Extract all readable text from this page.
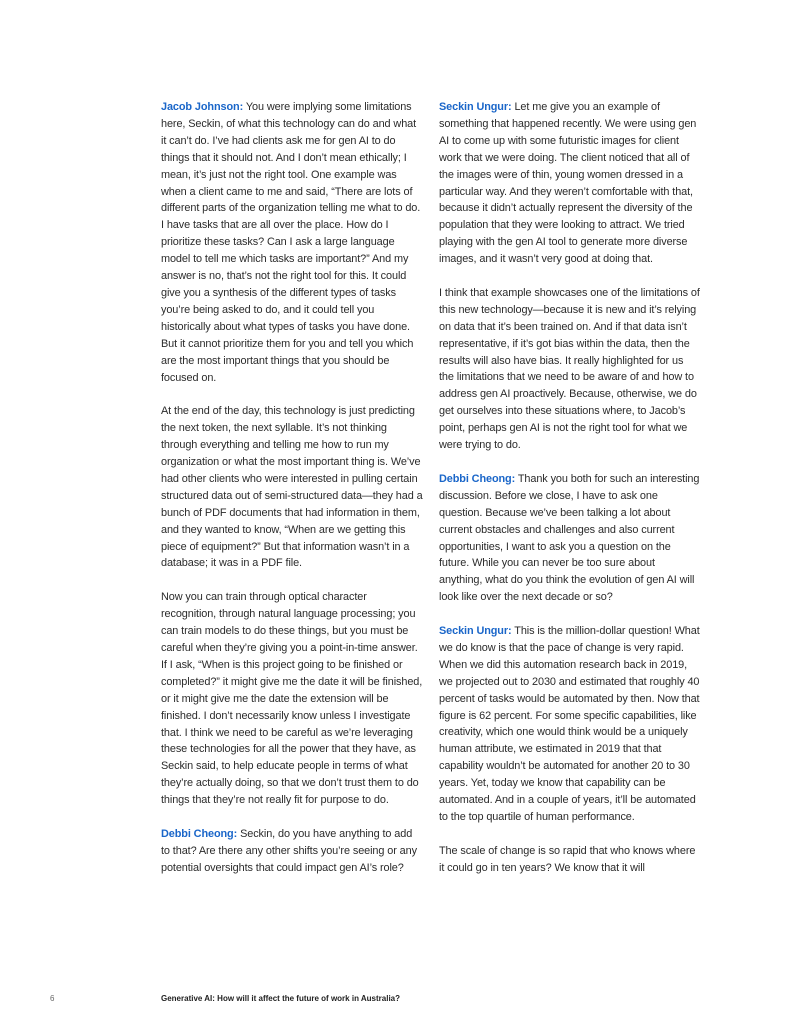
Jacob Johnson: You were implying some limitations here, Seckin, of what this technology can do and what it can’t do. I’ve had clients ask me for gen AI to do things that it should not. And I don’t mean ethically; I mean, it’s just not the right tool. One example was when a client came to me and said, “There are lots of different parts of the organization telling me what to do. I have tasks that are all over the place. How do I prioritize these tasks? Can I ask a large language model to tell me which tasks are important?” And my answer is no, that’s not the right tool for this. It could give you a synthesis of the different types of tasks you’re being asked to do, and it could tell you historically about what types of tasks you have done. But it cannot prioritize them for you and tell you which are the most important things that you should be focused on.

At the end of the day, this technology is just predicting the next token, the next syllable. It’s not thinking through everything and telling me how to run my organization or what the most important thing is. We’ve had other clients who were interested in pulling certain structured data out of semi-structured data—they had a bunch of PDF documents that had information in them, and they wanted to know, “When are we getting this piece of equipment?” But that information wasn’t in a database; it was in a PDF file.

Now you can train through optical character recognition, through natural language processing; you can train models to do these things, but you must be careful when they’re giving you a point-in-time answer. If I ask, “When is this project going to be finished or completed?” it might give me the date it will be finished, or it might give me the date the extension will be finished. I don’t necessarily know unless I investigate that. I think we need to be careful as we’re leveraging these technologies for all the power that they have, as Seckin said, to help educate people in terms of what they’re actually doing, so that we don’t trust them to do things that they’re not really fit for purpose to do.

Debbi Cheong: Seckin, do you have anything to add to that? Are there any other shifts you’re seeing or any potential oversights that could impact gen AI’s role?

Seckin Ungur: Let me give you an example of something that happened recently. We were using gen AI to come up with some futuristic images for client work that we were doing. The client noticed that all of the images were of thin, young women dressed in a particular way. And they weren’t comfortable with that, because it didn’t actually represent the diversity of the population that they were looking to attract. We tried playing with the gen AI tool to generate more diverse images, and it wasn’t very good at doing that.

I think that example showcases one of the limitations of this new technology—because it is new and it’s relying on data that it’s been trained on. And if that data isn’t representative, if it’s got bias within the data, then the results will also have bias. It really highlighted for us the limitations that we need to be aware of and how to address gen AI proactively. Because, otherwise, we do get ourselves into these situations where, to Jacob’s point, perhaps gen AI is not the right tool for what we were trying to do.

Debbi Cheong: Thank you both for such an interesting discussion. Before we close, I have to ask one question. Because we’ve been talking a lot about current obstacles and challenges and also current opportunities, I want to ask you a question on the future. While you can never be too sure about anything, what do you think the evolution of gen AI will look like over the next decade or so?

Seckin Ungur: This is the million-dollar question! What we do know is that the pace of change is very rapid. When we did this automation research back in 2019, we projected out to 2030 and estimated that roughly 40 percent of tasks would be automated by then. Now that figure is 62 percent. For some specific capabilities, like creativity, which one would think would be a uniquely human attribute, we estimated in 2019 that that capability wouldn’t be automated for another 20 to 30 years. Yet, today we know that capability can be automated. And in a couple of years, it’ll be automated to the top quartile of human performance.

The scale of change is so rapid that who knows where it could go in ten years? We know that it will

6	Generative AI: How will it affect the future of work in Australia?
